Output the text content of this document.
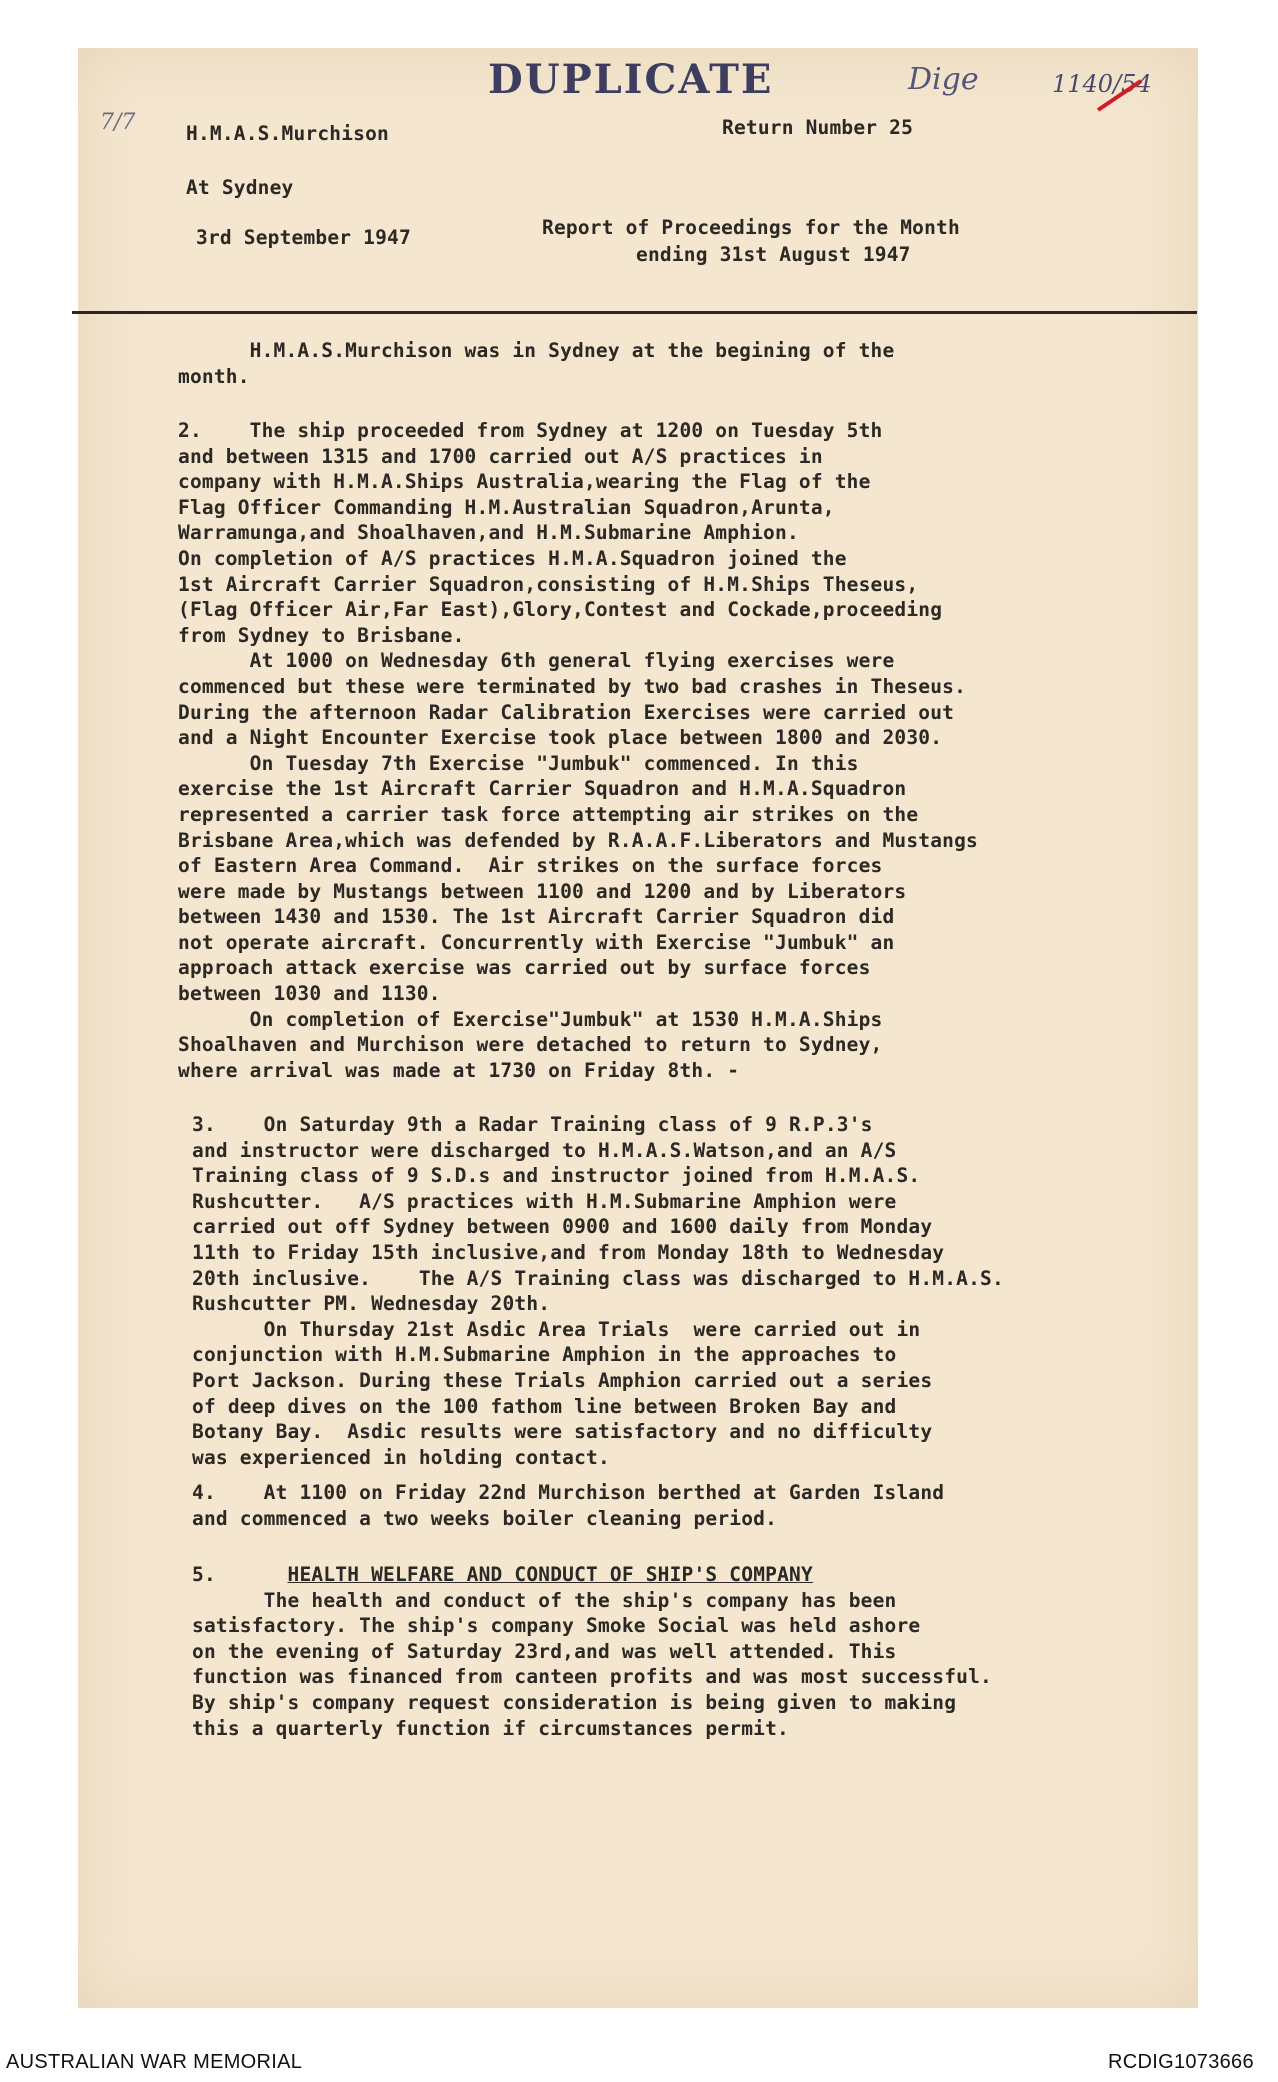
DUPLICATE	Dige	1140/54

7/7	H.M.A.S.Murchison	Return Number 25

At Sydney

3rd September 1947	Report of Proceedings for the Month

ending 31st August 1947

H.M.A.S.Murchison was in Sydney at the begining of the
month.

2.    The ship proceeded from Sydney at 1200 on Tuesday 5th
and between 1315 and 1700 carried out A/S practices in
company with H.M.A.Ships Australia,wearing the Flag of the
Flag Officer Commanding H.M.Australian Squadron,Arunta,
Warramunga,and Shoalhaven,and H.M.Submarine Amphion.
On completion of A/S practices H.M.A.Squadron joined the
1st Aircraft Carrier Squadron,consisting of H.M.Ships Theseus,
(Flag Officer Air,Far East),Glory,Contest and Cockade,proceeding
from Sydney to Brisbane.
At 1000 on Wednesday 6th general flying exercises were
commenced but these were terminated by two bad crashes in Theseus.
During the afternoon Radar Calibration Exercises were carried out
and a Night Encounter Exercise took place between 1800 and 2030.
On Tuesday 7th Exercise "Jumbuk" commenced. In this
exercise the 1st Aircraft Carrier Squadron and H.M.A.Squadron
represented a carrier task force attempting air strikes on the
Brisbane Area,which was defended by R.A.A.F.Liberators and Mustangs
of Eastern Area Command.  Air strikes on the surface forces
were made by Mustangs between 1100 and 1200 and by Liberators
between 1430 and 1530. The 1st Aircraft Carrier Squadron did
not operate aircraft. Concurrently with Exercise "Jumbuk" an
approach attack exercise was carried out by surface forces
between 1030 and 1130.
On completion of Exercise"Jumbuk" at 1530 H.M.A.Ships
Shoalhaven and Murchison were detached to return to Sydney,
where arrival was made at 1730 on Friday 8th. -

3.    On Saturday 9th a Radar Training class of 9 R.P.3's
and instructor were discharged to H.M.A.S.Watson,and an A/S
Training class of 9 S.D.s and instructor joined from H.M.A.S.
Rushcutter.   A/S practices with H.M.Submarine Amphion were
carried out off Sydney between 0900 and 1600 daily from Monday
11th to Friday 15th inclusive,and from Monday 18th to Wednesday
20th inclusive.    The A/S Training class was discharged to H.M.A.S.
Rushcutter PM. Wednesday 20th.
On Thursday 21st Asdic Area Trials  were carried out in
conjunction with H.M.Submarine Amphion in the approaches to
Port Jackson. During these Trials Amphion carried out a series
of deep dives on the 100 fathom line between Broken Bay and
Botany Bay.  Asdic results were satisfactory and no difficulty
was experienced in holding contact.

4.    At 1100 on Friday 22nd Murchison berthed at Garden Island
and commenced a two weeks boiler cleaning period.

5.	HEALTH WELFARE AND CONDUCT OF SHIP'S COMPANY

The health and conduct of the ship's company has been
satisfactory. The ship's company Smoke Social was held ashore
on the evening of Saturday 23rd,and was well attended. This
function was financed from canteen profits and was most successful.
By ship's company request consideration is being given to making
this a quarterly function if circumstances permit.

AUSTRALIAN WAR MEMORIAL	RCDIG1073666
